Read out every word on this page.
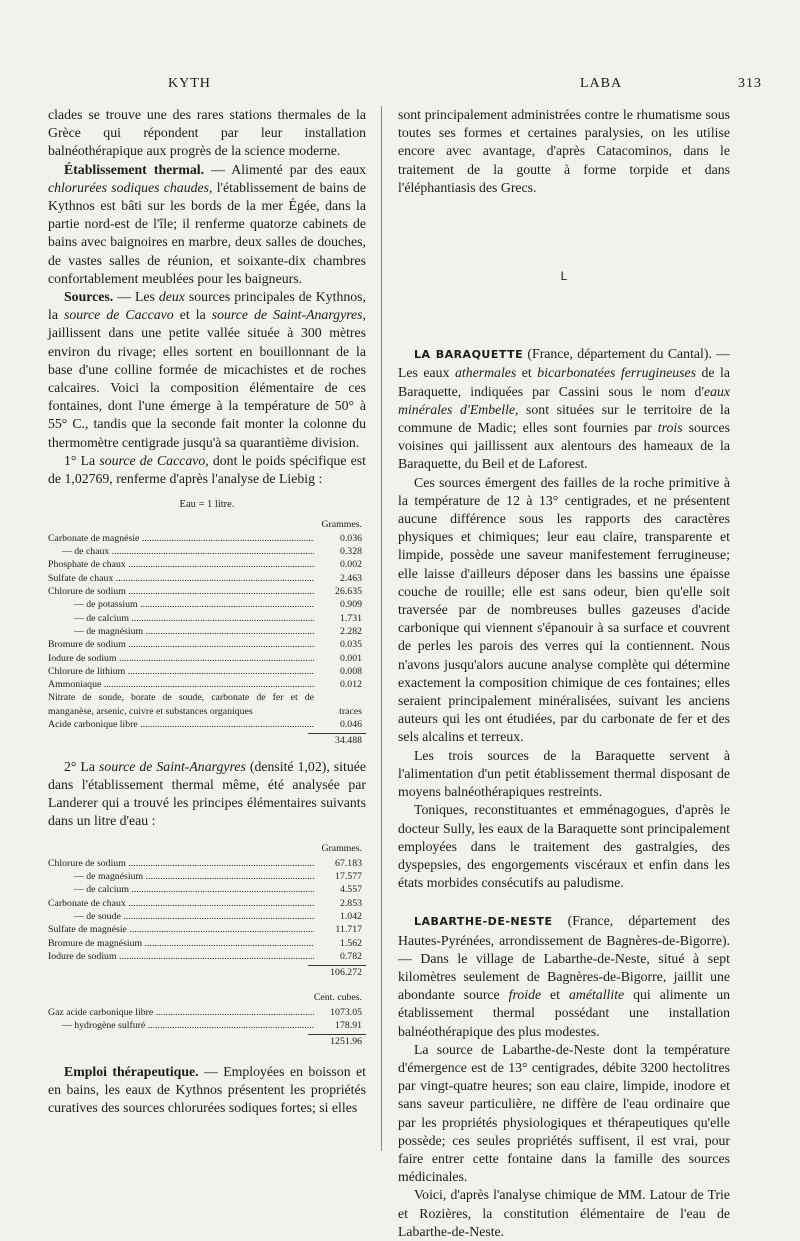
KYTH	LABA	313

clades se trouve une des rares stations thermales de la Grèce qui répondent par leur installation balnéothérapique aux progrès de la science moderne.

Établissement thermal. — Alimenté par des eaux chlorurées sodiques chaudes, l'établissement de bains de Kythnos est bâti sur les bords de la mer Égée, dans la partie nord-est de l'île; il renferme quatorze cabinets de bains avec baignoires en marbre, deux salles de douches, de vastes salles de réunion, et soixante-dix chambres confortablement meublées pour les baigneurs.

Sources. — Les deux sources principales de Kythnos, la source de Caccavo et la source de Saint-Anargyres, jaillissent dans une petite vallée située à 300 mètres environ du rivage; elles sortent en bouillonnant de la base d'une colline formée de micachistes et de roches calcaires. Voici la composition élémentaire de ces fontaines, dont l'une émerge à la température de 50° à 55° C., tandis que la seconde fait monter la colonne du thermomètre centigrade jusqu'à sa quarantième division.

1° La source de Caccavo, dont le poids spécifique est de 1,02769, renferme d'après l'analyse de Liebig :

Eau = 1 litre.
Grammes.
Carbonate de magnésie .....	0.036
— de chaux .....	0.328
Phosphate de chaux .....	0.002
Sulfate de chaux .....	2.463
Chlorure de sodium .....	26.635
— de potassium .....	0.909
— de calcium .....	1.731
— de magnésium .....	2.282
Bromure de sodium .....	0.035
Iodure de sodium .....	0.001
Chlorure de lithium .....	0.008
Ammoniaque .....	0.012
Nitrate de soude, borate de soude, carbonate de fer et de manganèse, arsenic, cuivre et substances organiques	traces
Acide carbonique libre .....	0.046
34.488

2° La source de Saint-Anargyres (densité 1,02), située dans l'établissement thermal même, été analysée par Landerer qui a trouvé les principes élémentaires suivants dans un litre d'eau :

Grammes.
Chlorure de sodium .....	67.183
— de magnésium .....	17.577
— de calcium .....	4.557
Carbonate de chaux .....	2.853
— de soude .....	1.042
Sulfate de magnésie .....	11.717
Bromure de magnésium .....	1.562
Iodure de sodium .....	0.782
106.272
Cent. cubes.
Gaz acide carbonique libre .....	1073.05
— hydrogène sulfuré .....	178.91
1251.96

Emploi thérapeutique. — Employées en boisson et en bains, les eaux de Kythnos présentent les propriétés curatives des sources chlorurées sodiques fortes; si elles

sont principalement administrées contre le rhumatisme sous toutes ses formes et certaines paralysies, on les utilise encore avec avantage, d'après Catacominos, dans le traitement de la goutte à forme torpide et dans l'éléphantiasis des Grecs.

L

LA BARAQUETTE (France, département du Cantal). — Les eaux athermales et bicarbonatées ferrugineuses de la Baraquette, indiquées par Cassini sous le nom d'eaux minérales d'Embelle, sont situées sur le territoire de la commune de Madic; elles sont fournies par trois sources voisines qui jaillissent aux alentours des hameaux de la Baraquette, du Beil et de Laforest.

Ces sources émergent des failles de la roche primitive à la température de 12 à 13° centigrades, et ne présentent aucune différence sous les rapports des caractères physiques et chimiques; leur eau claire, transparente et limpide, possède une saveur manifestement ferrugineuse; elle laisse d'ailleurs déposer dans les bassins une épaisse couche de rouille; elle est sans odeur, bien qu'elle soit traversée par de nombreuses bulles gazeuses d'acide carbonique qui viennent s'épanouir à sa surface et couvrent de perles les parois des verres qui la contiennent. Nous n'avons jusqu'alors aucune analyse complète qui détermine exactement la composition chimique de ces fontaines; elles seraient principalement minéralisées, suivant les anciens auteurs qui les ont étudiées, par du carbonate de fer et des sels alcalins et terreux.

Les trois sources de la Baraquette servent à l'alimentation d'un petit établissement thermal disposant de moyens balnéothérapiques restreints.

Toniques, reconstituantes et emménagogues, d'après le docteur Sully, les eaux de la Baraquette sont principalement employées dans le traitement des gastralgies, des dyspepsies, des engorgements viscéraux et enfin dans les états morbides consécutifs au paludisme.

LABARTHE-DE-NESTE (France, département des Hautes-Pyrénées, arrondissement de Bagnères-de-Bigorre). — Dans le village de Labarthe-de-Neste, situé à sept kilomètres seulement de Bagnères-de-Bigorre, jaillit une abondante source froide et amétallite qui alimente un établissement thermal possédant une installation balnéothérapique des plus modestes.

La source de Labarthe-de-Neste dont la température d'émergence est de 13° centigrades, débite 3200 hectolitres par vingt-quatre heures; son eau claire, limpide, inodore et sans saveur particulière, ne diffère de l'eau ordinaire que par les propriétés physiologiques et thérapeutiques qu'elle possède; ces seules propriétés suffisent, il est vrai, pour faire entrer cette fontaine dans la famille des sources médicinales.

Voici, d'après l'analyse chimique de MM. Latour de Trie et Rozières, la constitution élémentaire de l'eau de Labarthe-de-Neste.
